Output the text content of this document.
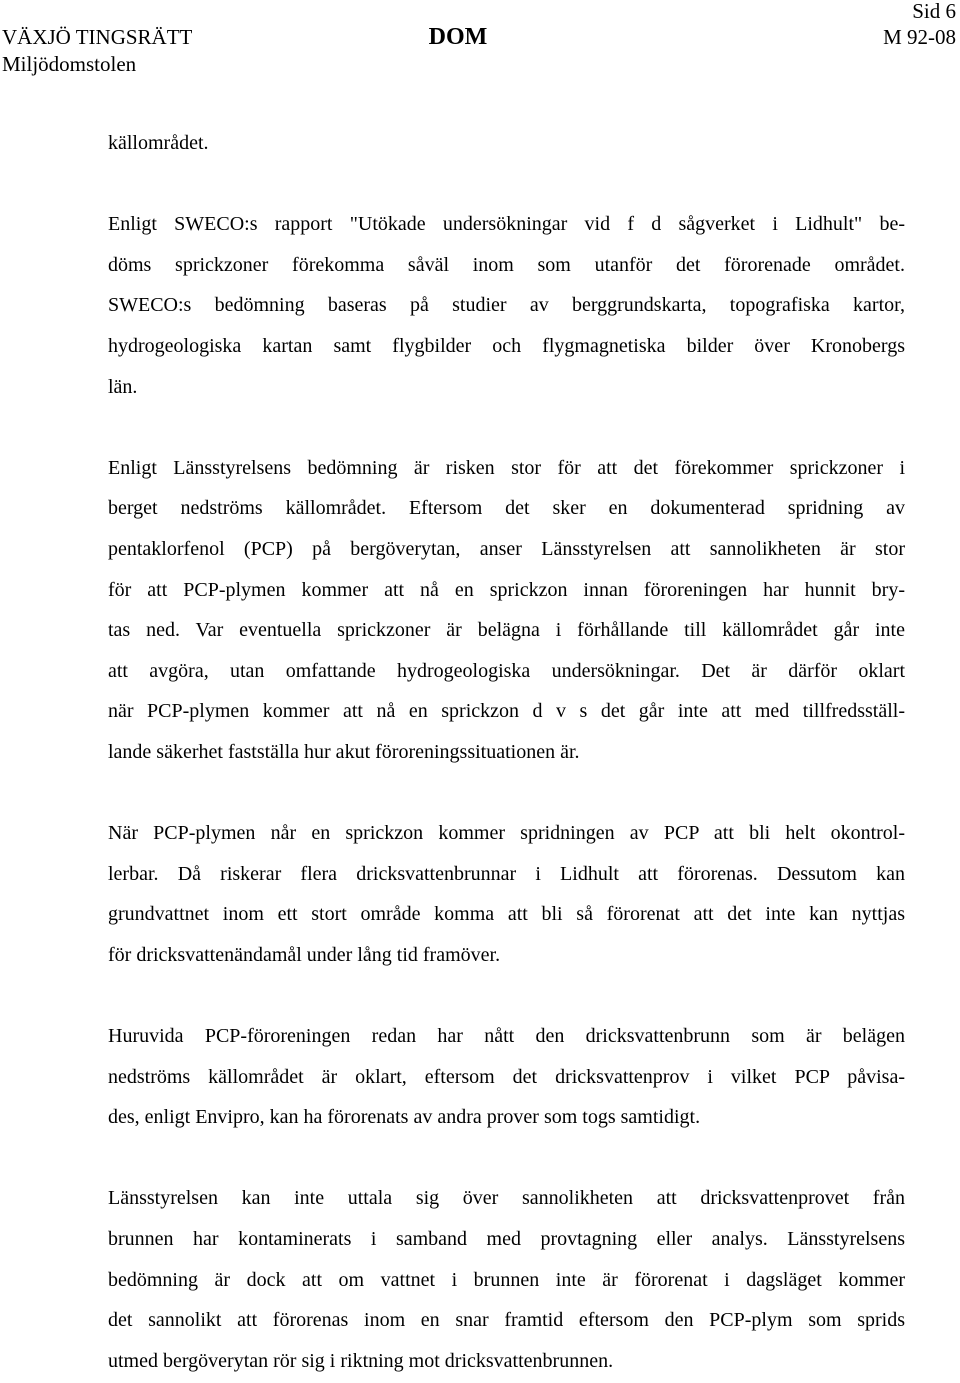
Sid 6
VÄXJÖ TINGSRÄTT
Miljödomstolen
DOM	M 92-08
källområdet.
Enligt SWECO:s rapport "Utökade undersökningar vid f d sågverket i Lidhult" be-
döms sprickzoner förekomma såväl inom som utanför det förorenade området.
SWECO:s bedömning baseras på studier av berggrundskarta, topografiska kartor,
hydrogeologiska kartan samt flygbilder och flygmagnetiska bilder över Kronobergs
län.
Enligt Länsstyrelsens bedömning är risken stor för att det förekommer sprickzoner i
berget nedströms källområdet. Eftersom det sker en dokumenterad spridning av
pentaklorfenol (PCP) på bergöverytan, anser Länsstyrelsen att sannolikheten är stor
för att PCP-plymen kommer att nå en sprickzon innan föroreningen har hunnit bry-
tas ned. Var eventuella sprickzoner är belägna i förhållande till källområdet går inte
att avgöra, utan omfattande hydrogeologiska undersökningar. Det är därför oklart
när PCP-plymen kommer att nå en sprickzon d v s det går inte att med tillfredsställ-
lande säkerhet fastställa hur akut föroreningssituationen är.
När PCP-plymen når en sprickzon kommer spridningen av PCP att bli helt okontrol-
lerbar. Då riskerar flera dricksvattenbrunnar i Lidhult att förorenas. Dessutom kan
grundvattnet inom ett stort område komma att bli så förorenat att det inte kan nyttjas
för dricksvattenändamål under lång tid framöver.
Huruvida PCP-föroreningen redan har nått den dricksvattenbrunn som är belägen
nedströms källområdet är oklart, eftersom det dricksvattenprov i vilket PCP påvisa-
des, enligt Envipro, kan ha förorenats av andra prover som togs samtidigt.
Länsstyrelsen kan inte uttala sig över sannolikheten att dricksvattenprovet från
brunnen har kontaminerats i samband med provtagning eller analys. Länsstyrelsens
bedömning är dock att om vattnet i brunnen inte är förorenat i dagsläget kommer
det sannolikt att förorenas inom en snar framtid eftersom den PCP-plym som sprids
utmed bergöverytan rör sig i riktning mot dricksvattenbrunnen.
